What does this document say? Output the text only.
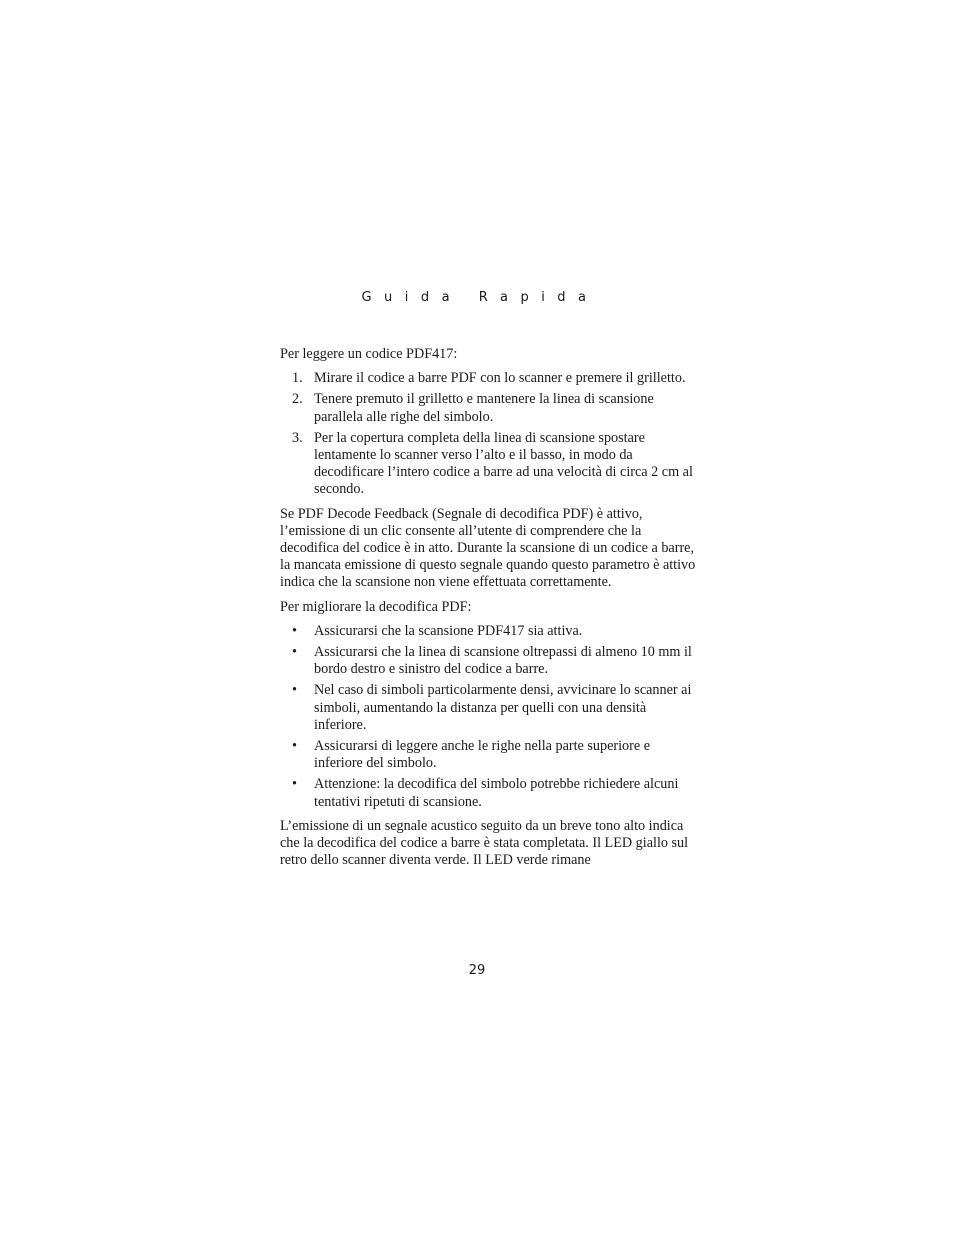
Guida Rapida

Per leggere un codice PDF417:

1. Mirare il codice a barre PDF con lo scanner e premere il grilletto.
2. Tenere premuto il grilletto e mantenere la linea di scansione parallela alle righe del simbolo.
3. Per la copertura completa della linea di scansione spostare lentamente lo scanner verso l’alto e il basso, in modo da decodificare l’intero codice a barre ad una velocità di circa 2 cm al secondo.

Se PDF Decode Feedback (Segnale di decodifica PDF) è attivo, l’emissione di un clic consente all’utente di comprendere che la decodifica del codice è in atto. Durante la scansione di un codice a barre, la mancata emissione di questo segnale quando questo parametro è attivo indica che la scansione non viene effettuata correttamente.

Per migliorare la decodifica PDF:

• Assicurarsi che la scansione PDF417 sia attiva.
• Assicurarsi che la linea di scansione oltrepassi di almeno 10 mm il bordo destro e sinistro del codice a barre.
• Nel caso di simboli particolarmente densi, avvicinare lo scanner ai simboli, aumentando la distanza per quelli con una densità inferiore.
• Assicurarsi di leggere anche le righe nella parte superiore e inferiore del simbolo.
• Attenzione: la decodifica del simbolo potrebbe richiedere alcuni tentativi ripetuti di scansione.

L’emissione di un segnale acustico seguito da un breve tono alto indica che la decodifica del codice a barre è stata completata. Il LED giallo sul retro dello scanner diventa verde. Il LED verde rimane

29
